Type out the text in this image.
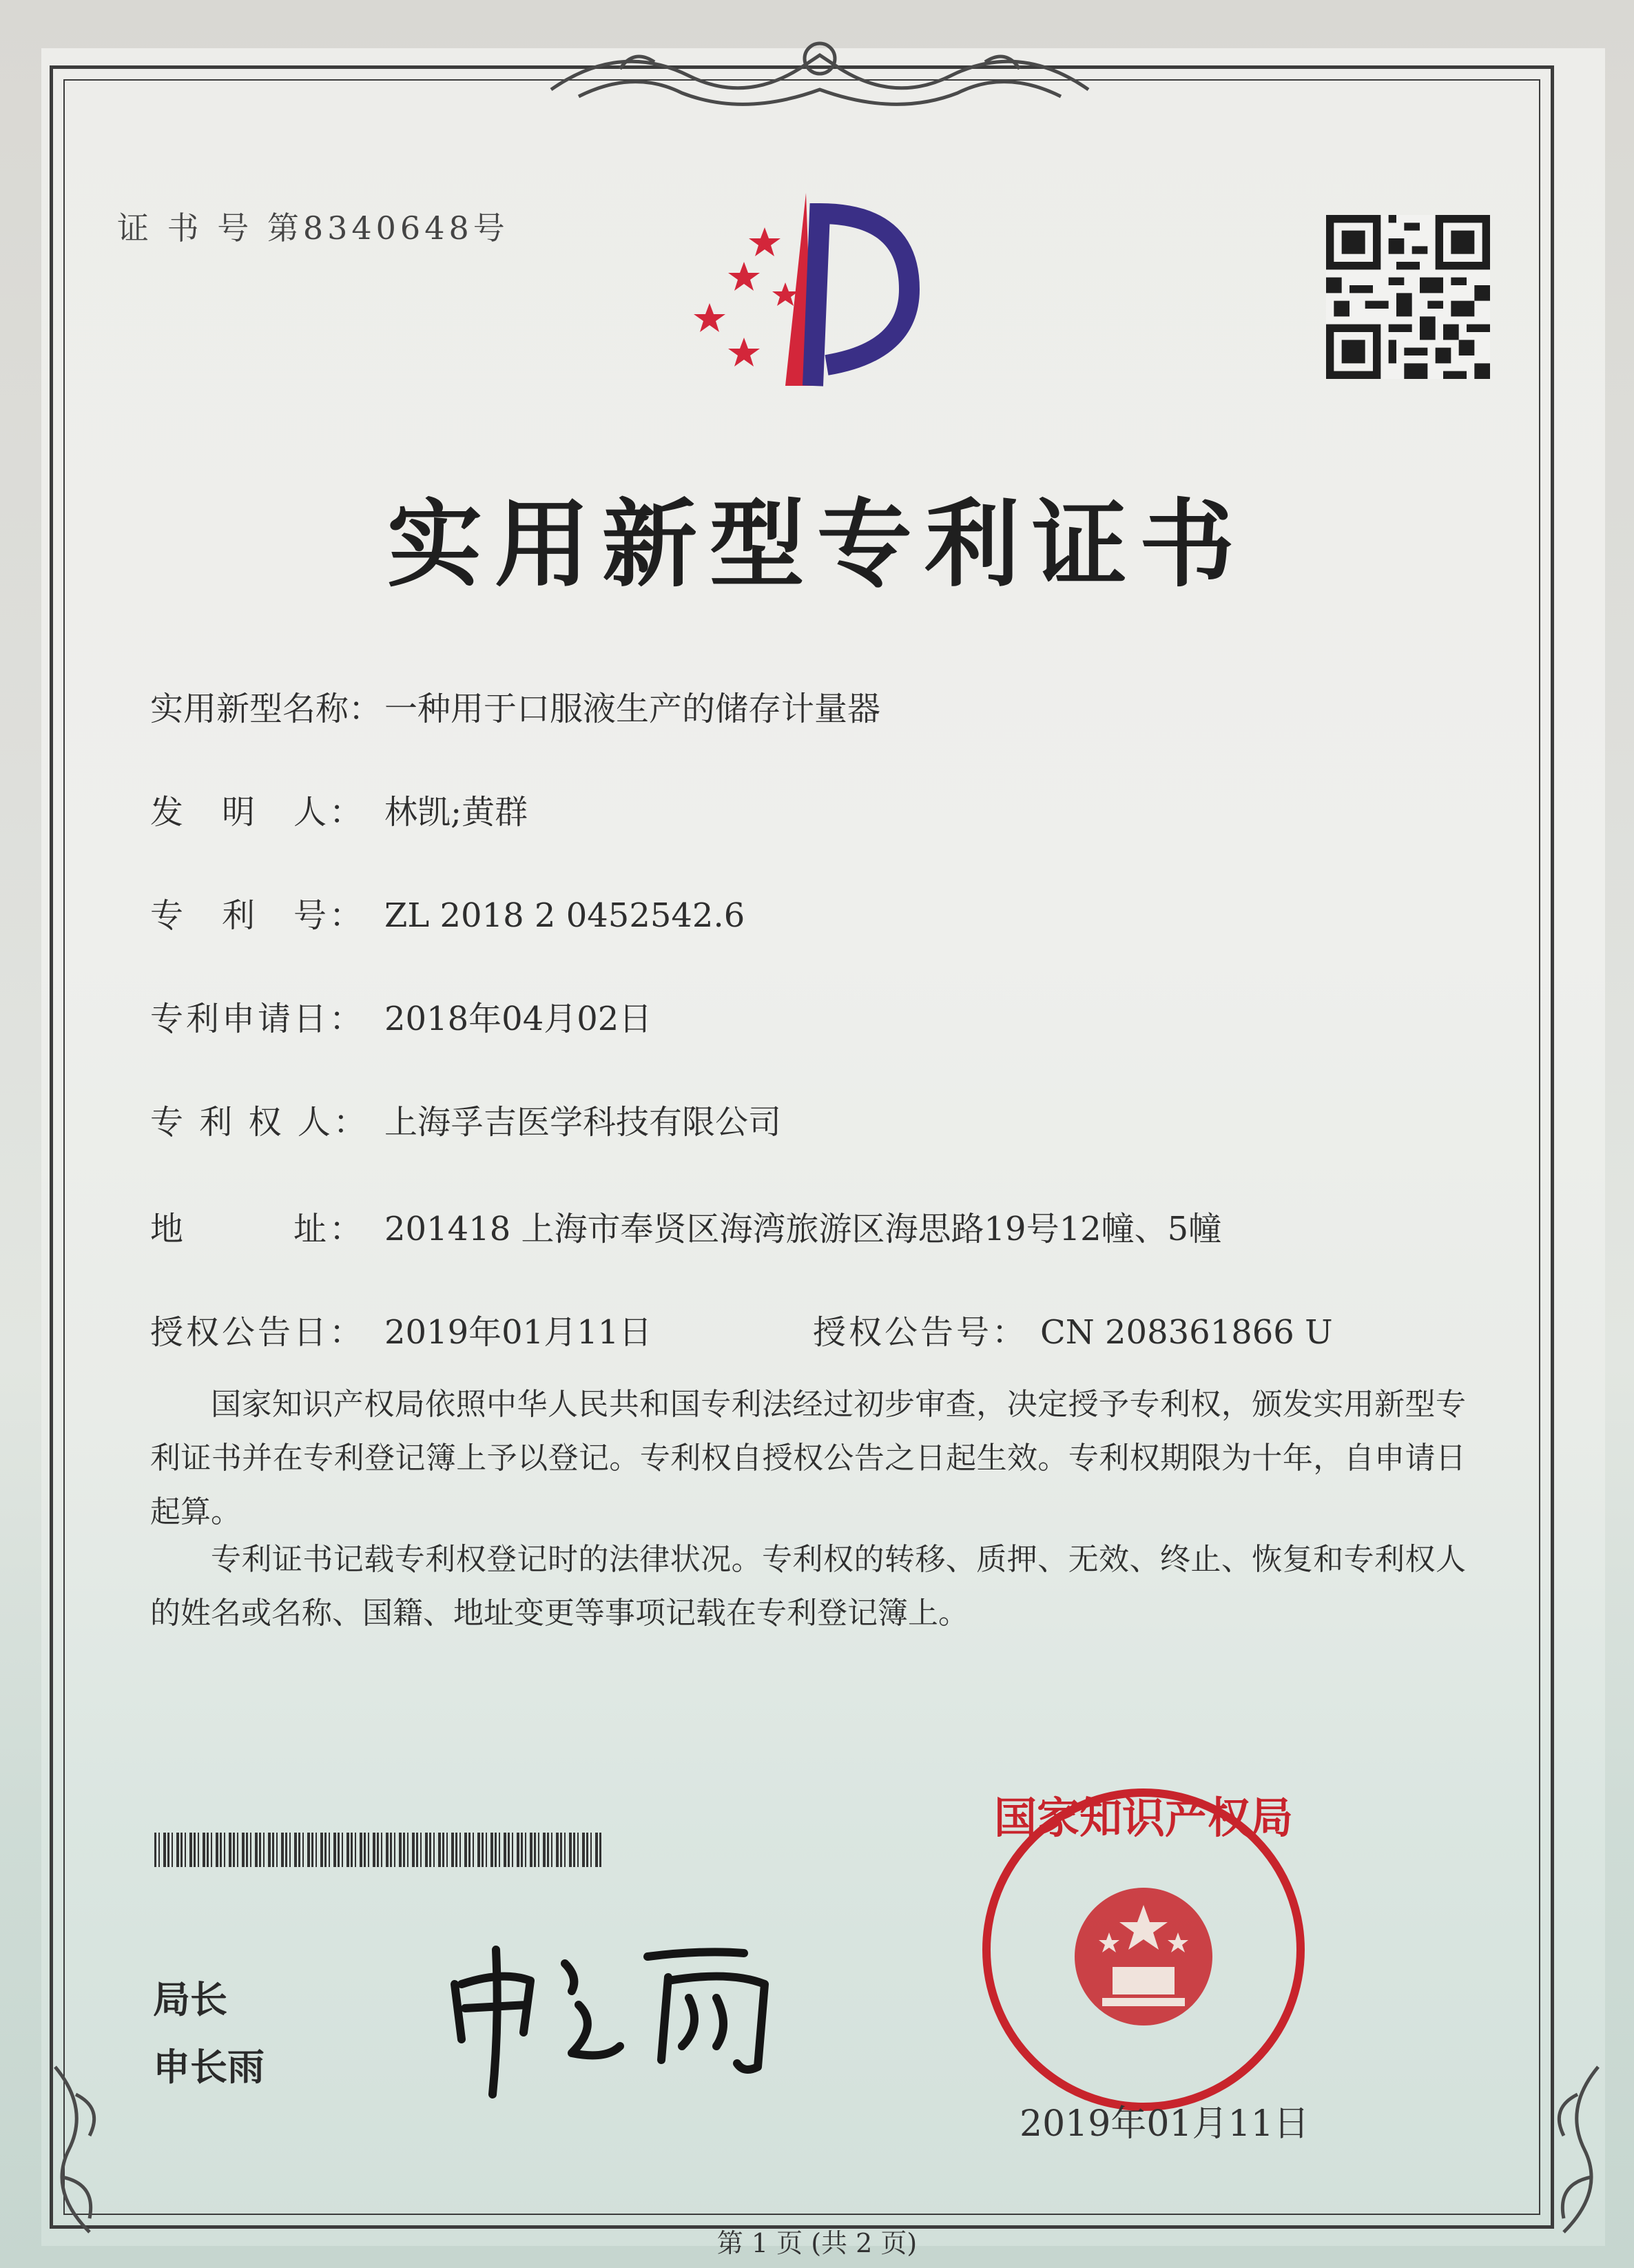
证 书 号 第8340648号
实用新型专利证书
实用新型名称：一种用于口服液生产的储存计量器
发　明　人： 林凯;黄群
专　利　号： ZL 2018 2 0452542.6
专利申请日： 2018年04月02日
专 利 权 人： 上海孚吉医学科技有限公司
地　　　址： 201418 上海市奉贤区海湾旅游区海思路19号12幢、5幢
授权公告日： 2019年01月11日	授权公告号： CN 208361866 U

国家知识产权局依照中华人民共和国专利法经过初步审查，决定授予专利权，颁发实用新型专利证书并在专利登记簿上予以登记。专利权自授权公告之日起生效。专利权期限为十年，自申请日起算。

专利证书记载专利权登记时的法律状况。专利权的转移、质押、无效、终止、恢复和专利权人的姓名或名称、国籍、地址变更等事项记载在专利登记簿上。

局长
申长雨
国家知识产权局
2019年01月11日
第 1 页 (共 2 页)
